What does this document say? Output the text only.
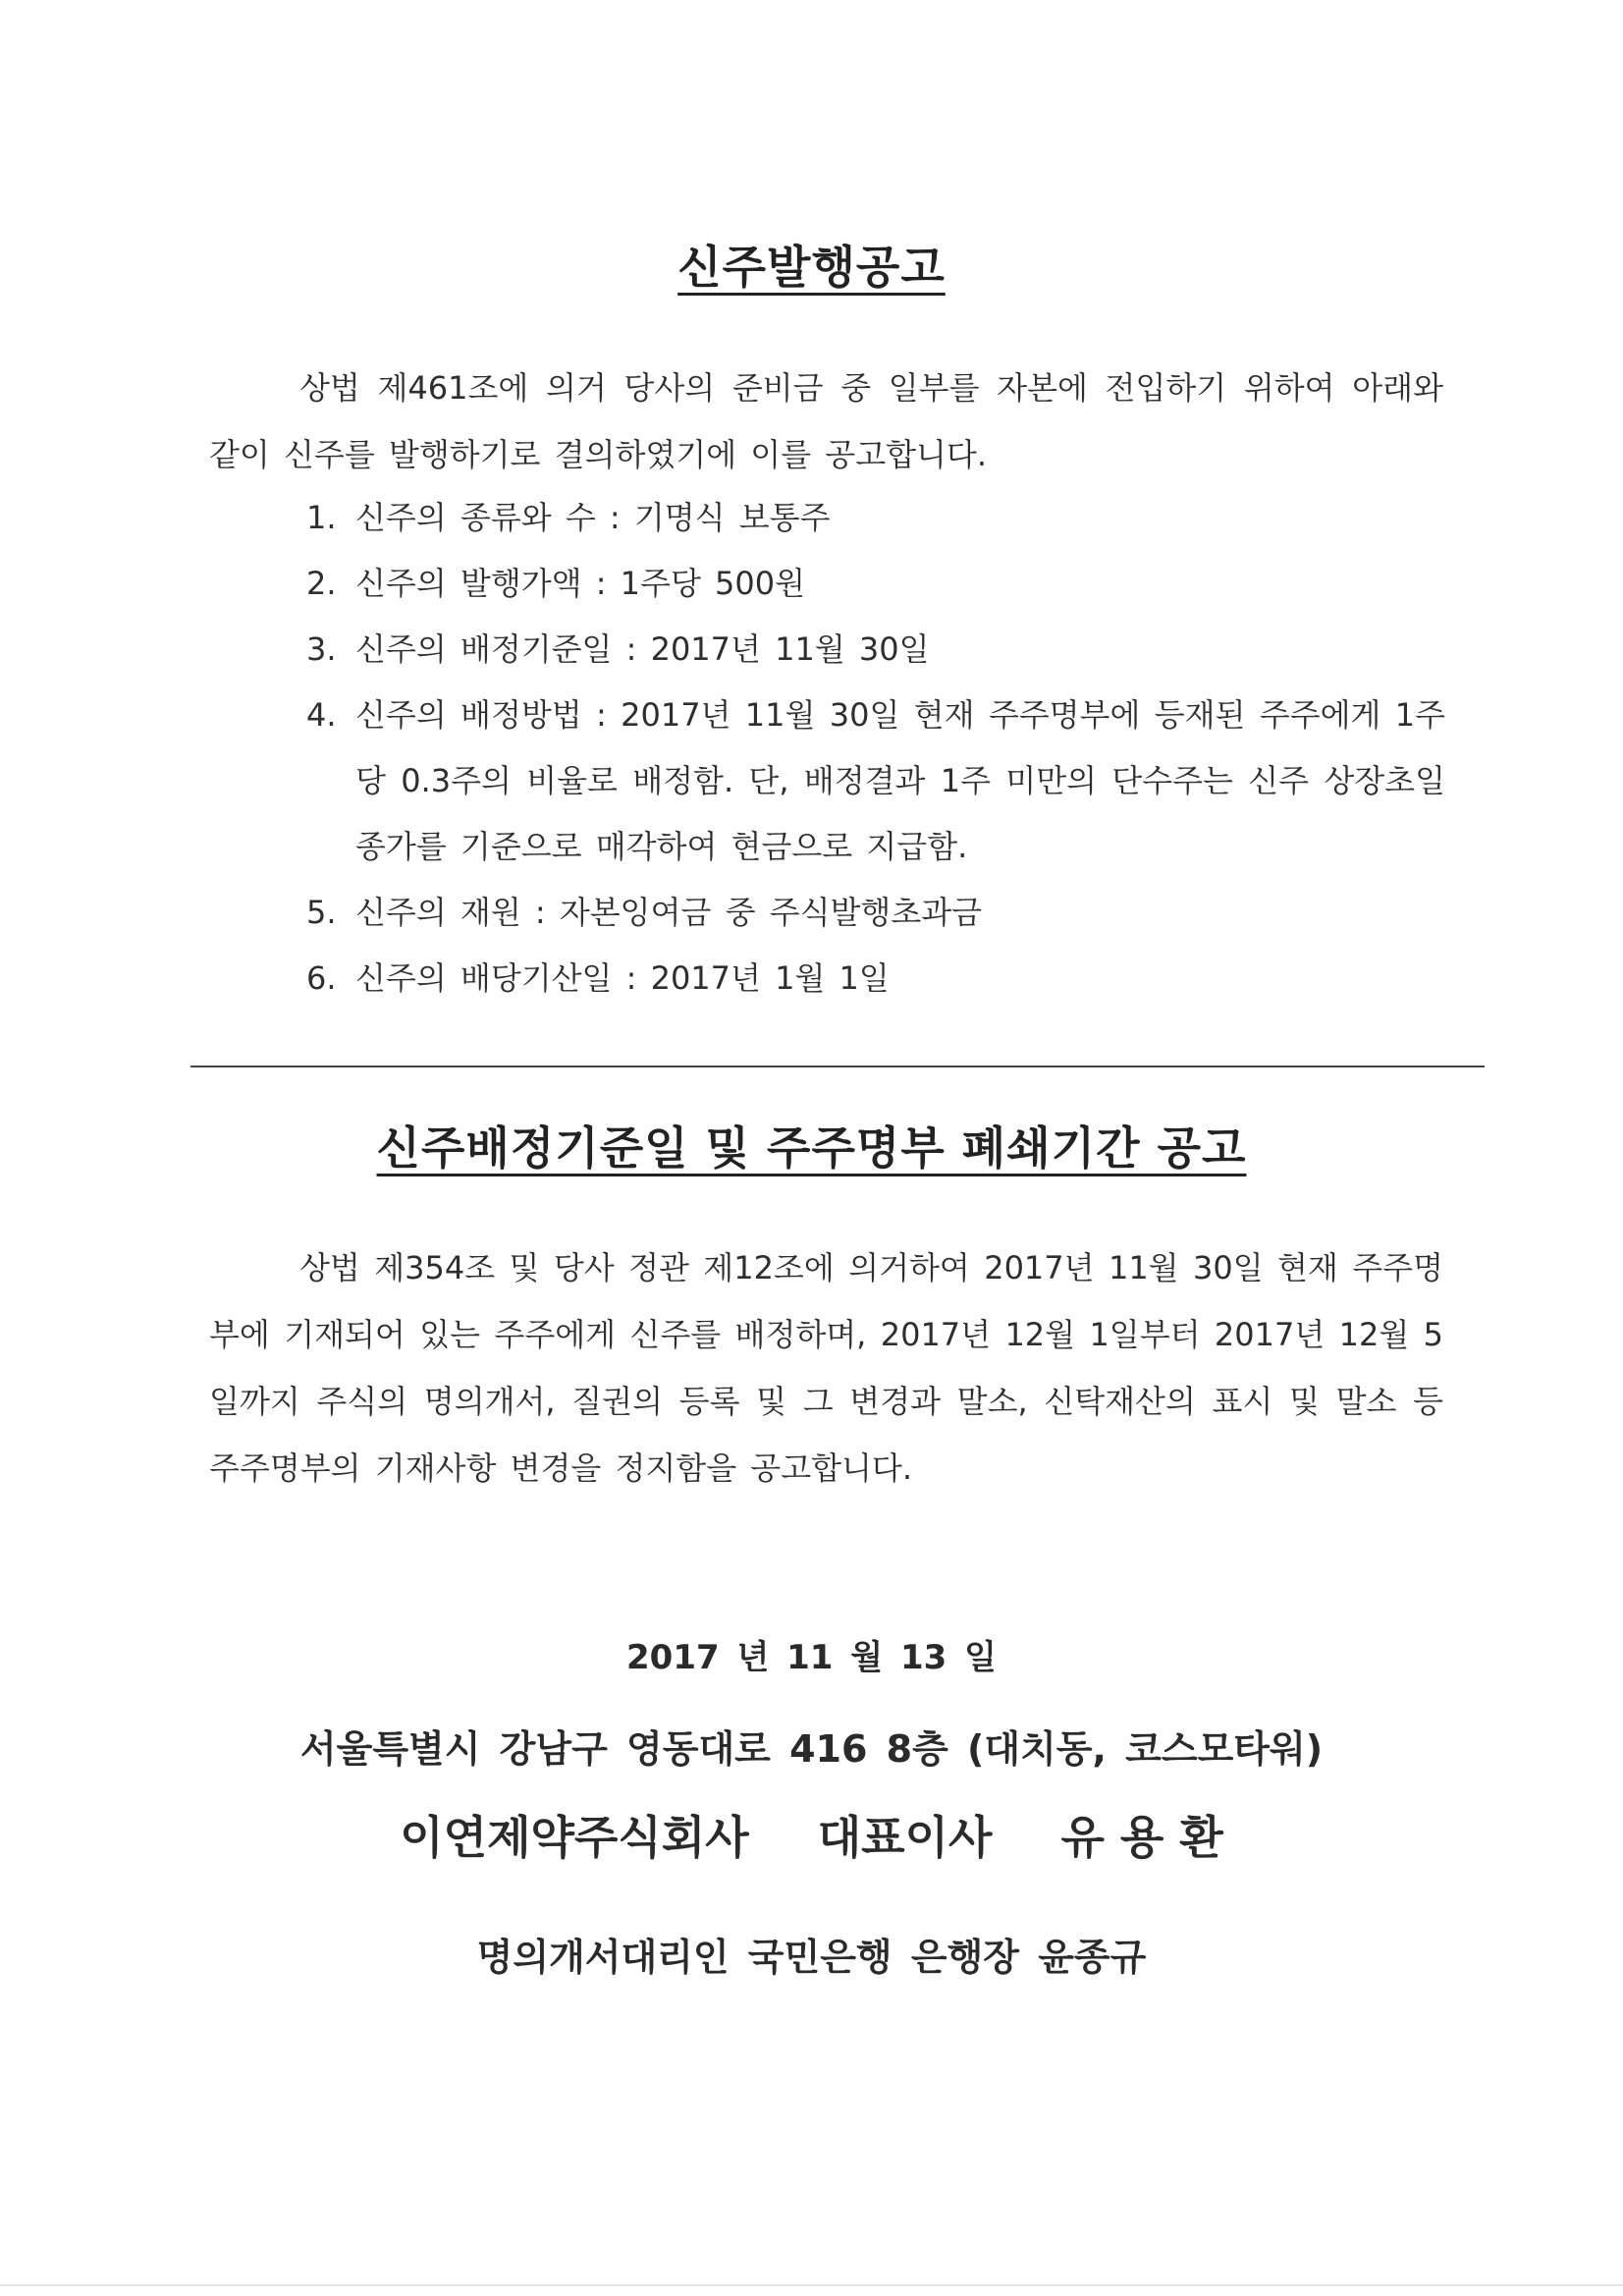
신주발행공고
상법 제461조에 의거 당사의 준비금 중 일부를 자본에 전입하기 위하여 아래와 같이 신주를 발행하기로 결의하였기에 이를 공고합니다.
1. 신주의 종류와 수 : 기명식 보통주
2. 신주의 발행가액 : 1주당 500원
3. 신주의 배정기준일 : 2017년 11월 30일
4. 신주의 배정방법 : 2017년 11월 30일 현재 주주명부에 등재된 주주에게 1주당 0.3주의 비율로 배정함. 단, 배정결과 1주 미만의 단수주는 신주 상장초일 종가를 기준으로 매각하여 현금으로 지급함.
5. 신주의 재원 : 자본잉여금 중 주식발행초과금
6. 신주의 배당기산일 : 2017년 1월 1일
신주배정기준일 및 주주명부 폐쇄기간 공고
상법 제354조 및 당사 정관 제12조에 의거하여 2017년 11월 30일 현재 주주명부에 기재되어 있는 주주에게 신주를 배정하며, 2017년 12월 1일부터 2017년 12월 5일까지 주식의 명의개서, 질권의 등록 및 그 변경과 말소, 신탁재산의 표시 및 말소 등 주주명부의 기재사항 변경을 정지함을 공고합니다.
2017 년 11 월 13 일
서울특별시 강남구 영동대로 416 8층 (대치동, 코스모타워)
이연제약주식회사 대표이사 유 용 환
명의개서대리인 국민은행 은행장 윤종규
